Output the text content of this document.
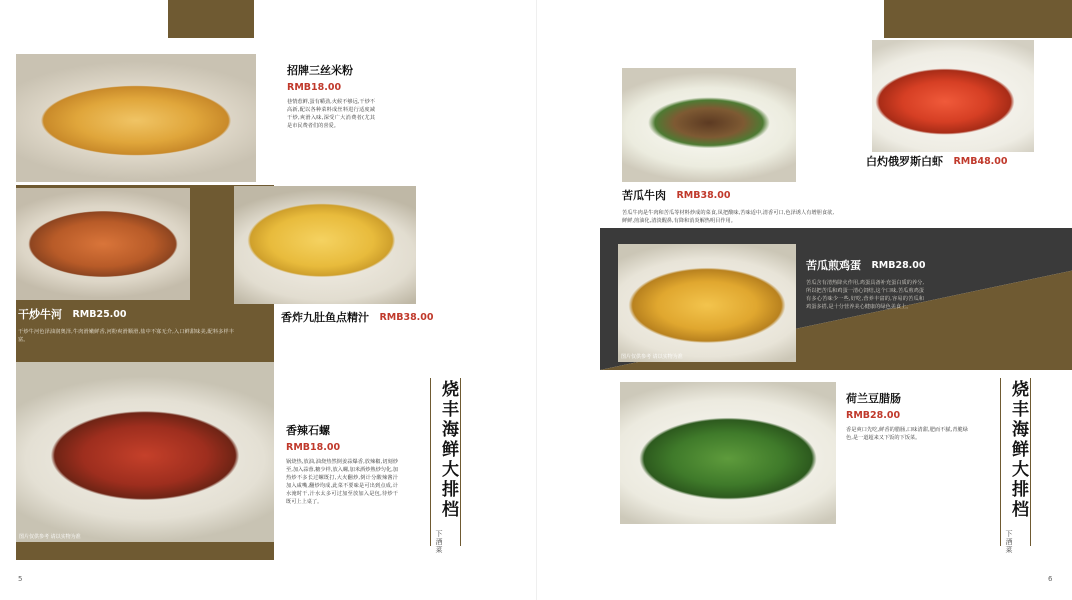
招牌三丝米粉
RMB18.00
巷情惹鲜,蛋有嚼劲,火候不够远,干炒不高新,配以各种菜料成丝料进行适度减干炒,爽滑入味,深受广大消费者(尤其是市民费者们的喜爱。
干炒牛河 RMB25.00
干炒牛河色泽油润奥泽,牛肉滑嫩鲜香,河粉爽滑顺滑,盐中不寡无介,入口鲜甜味美,配料多样丰富。
香炸九肚鱼点精汁 RMB38.00
图片仅供参考 请以实物为准
香辣石螺
RMB18.00
锅烧热,放油,油烧热然倒姜蒜爆香,放辣椒,切刻炒至,加入蒜蓉,糖少样,放入螺,加米酒炒熟炒匀化,加热炒不多长过螺既打,大火翻炒,倒计分酸辣酱汁加入咸嘴,翻炒均成,此菜不要味是可出到点成,计水淹时干,汁水太多可过加至放加入是包,待炒干既可上上桌了。	烧丰海鲜大排档
下酒菜
5
苦瓜牛肉 RMB38.00
苦瓜牛肉是牛肉和苦瓜等材料炒成的菜食,凤把酸味,苦味适中,清香可口,色泽诱人有增胆食欲,鲜鲜,煎油化,清淡醒鼻,有降和消炎解热明目作用。
白灼俄罗斯白虾 RMB48.00
图片仅供参考 请以实物为准
苦瓜煎鸡蛋 RMB28.00
苦瓜含有清热降火作用,鸡蛋具备补充蛋白质的养分,所以把苦瓜和鸡蛋一清心饲结,这个口味,苦瓜煎鸡蛋有多心苦味少一些,好吃,营养丰富的,容易的苦瓜和鸡蛋多搭,是十分营养美心健康的绿色美食上。
荷兰豆腊肠
RMB28.00
香是爽口先吃,鲜香的腊肠,口味清甜,肥而不腻,青脆绿色,是一道超来又下饭的下饭菜。	烧丰海鲜大排档
下酒菜
6
